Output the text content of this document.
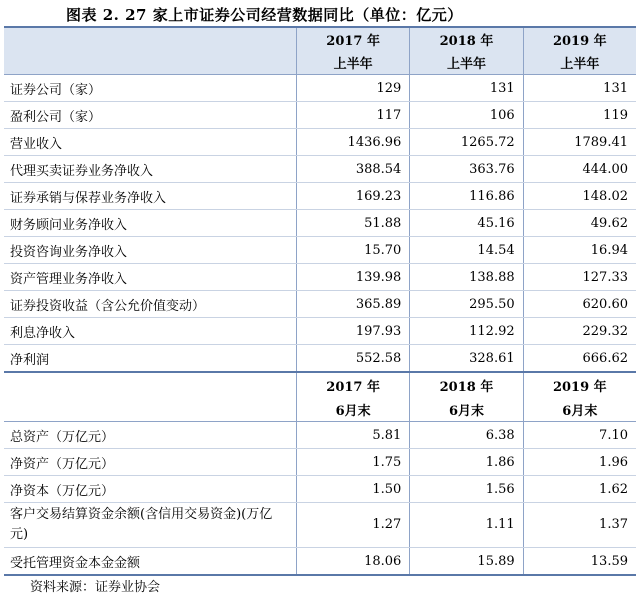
图表 2. 27 家上市证券公司经营数据同比（单位：亿元）
	2017 年	2018 年	2019 年
	上半年	上半年	上半年
证券公司（家）	129	131	131
盈利公司（家）	117	106	119
营业收入	1436.96	1265.72	1789.41
代理买卖证券业务净收入	388.54	363.76	444.00
证券承销与保荐业务净收入	169.23	116.86	148.02
财务顾问业务净收入	51.88	45.16	49.62
投资咨询业务净收入	15.70	14.54	16.94
资产管理业务净收入	139.98	138.88	127.33
证券投资收益（含公允价值变动）	365.89	295.50	620.60
利息净收入	197.93	112.92	229.32
净利润	552.58	328.61	666.62
	2017 年	2018 年	2019 年
	6月末	6月末	6月末
总资产（万亿元）	5.81	6.38	7.10
净资产（万亿元）	1.75	1.86	1.96
净资本（万亿元）	1.50	1.56	1.62
客户交易结算资金余额(含信用交易资金)(万亿元)	1.27	1.11	1.37
受托管理资金本金金额	18.06	15.89	13.59
资料来源：证券业协会
